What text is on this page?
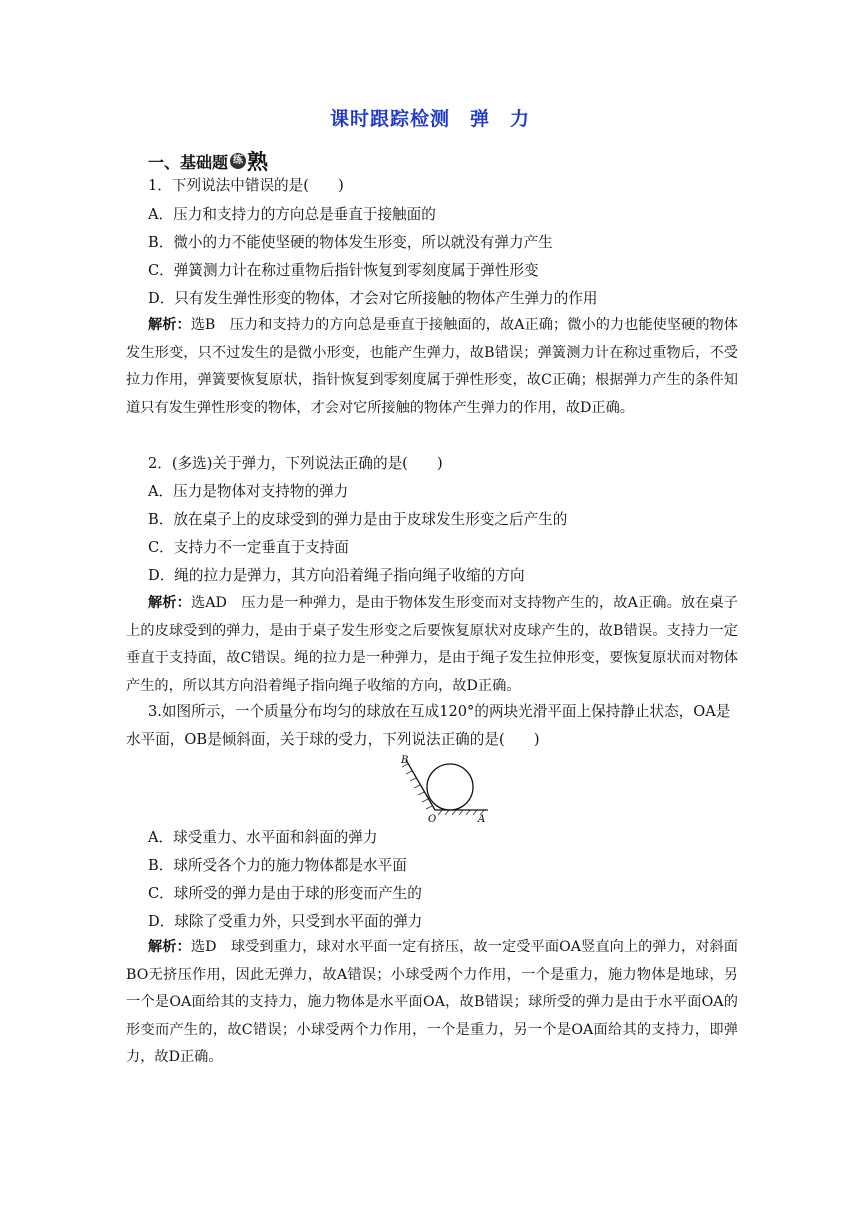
课时跟踪检测　弹　力
一、基础题 练 熟
1．下列说法中错误的是(　　)
A．压力和支持力的方向总是垂直于接触面的
B．微小的力不能使坚硬的物体发生形变，所以就没有弹力产生
C．弹簧测力计在称过重物后指针恢复到零刻度属于弹性形变
D．只有发生弹性形变的物体，才会对它所接触的物体产生弹力的作用
解析：选B　压力和支持力的方向总是垂直于接触面的，故A正确；微小的力也能使坚硬的物体发生形变，只不过发生的是微小形变，也能产生弹力，故B错误；弹簧测力计在称过重物后，不受拉力作用，弹簧要恢复原状，指针恢复到零刻度属于弹性形变，故C正确；根据弹力产生的条件知道只有发生弹性形变的物体，才会对它所接触的物体产生弹力的作用，故D正确。
2．(多选)关于弹力，下列说法正确的是(　　)
A．压力是物体对支持物的弹力
B．放在桌子上的皮球受到的弹力是由于皮球发生形变之后产生的
C．支持力不一定垂直于支持面
D．绳的拉力是弹力，其方向沿着绳子指向绳子收缩的方向
解析：选AD　压力是一种弹力，是由于物体发生形变而对支持物产生的，故A正确。放在桌子上的皮球受到的弹力，是由于桌子发生形变之后要恢复原状对皮球产生的，故B错误。支持力一定垂直于支持面，故C错误。绳的拉力是一种弹力，是由于绳子发生拉伸形变，要恢复原状而对物体产生的，所以其方向沿着绳子指向绳子收缩的方向，故D正确。
3.如图所示，一个质量分布均匀的球放在互成120°的两块光滑平面上保持静止状态，OA是水平面，OB是倾斜面，关于球的受力，下列说法正确的是(　　)
B
O	A
A．球受重力、水平面和斜面的弹力
B．球所受各个力的施力物体都是水平面
C．球所受的弹力是由于球的形变而产生的
D．球除了受重力外，只受到水平面的弹力
解析：选D　球受到重力，球对水平面一定有挤压，故一定受平面OA竖直向上的弹力，对斜面BO无挤压作用，因此无弹力，故A错误；小球受两个力作用，一个是重力，施力物体是地球，另一个是OA面给其的支持力，施力物体是水平面OA，故B错误；球所受的弹力是由于水平面OA的形变而产生的，故C错误；小球受两个力作用，一个是重力，另一个是OA面给其的支持力，即弹力，故D正确。
